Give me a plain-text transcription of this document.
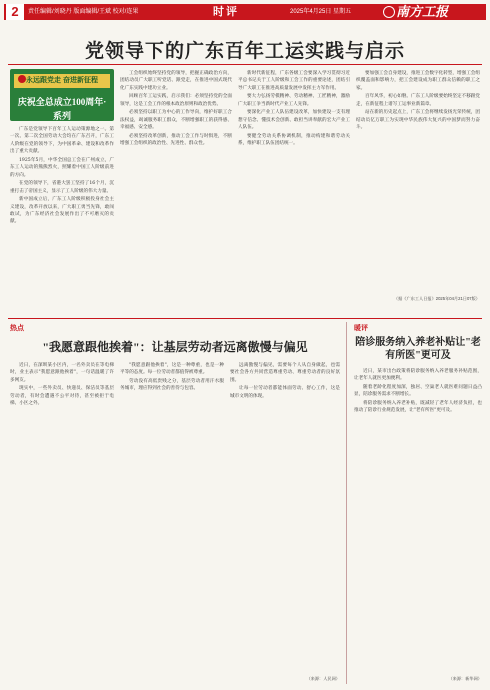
2	责任编辑/刘晓丹 版面编辑/王斌 校对/连果	时评	2025年4月25日 星期五	南方工报
党领导下的广东百年工运实践与启示
永远跟党走 奋进新征程
庆祝全总成立100周年·系列

广东是党领导下百年工人运动策源地之一。第一次、第二次全国劳动大会均在广东召开，广东工人阶级在党的领导下，为中国革命、建设和改革作出了重大贡献。

1925年5月，中华全国总工会在广州成立，广东工人运动的熊熊烈火，照耀着中国工人阶级前进的方向。

在党的领导下，省港大罢工坚持了16个月，沉重打击了帝国主义，显示了工人阶级的伟大力量。

新中国成立后，广东工人阶级积极投身社会主义建设，改革开放以来，广大职工勇当先锋，敢闯敢试，为广东经济社会发展作出了不可磨灭的贡献。

工会组织始终坚持党的领导，把握正确政治方向，团结动员广大职工听党话、跟党走，在推进中国式现代化广东实践中建功立业。

回顾百年工运实践，启示我们：必须坚持党的全面领导，这是工会工作的根本政治原则和政治优势。

必须坚持以职工为中心的工作导向，维护好职工合法权益，竭诚服务职工群众，不断增强职工的获得感、幸福感、安全感。

必须坚持改革创新，推动工会工作与时俱进，不断增强工会组织的政治性、先进性、群众性。

新时代新征程，广东各级工会要深入学习贯彻习近平总书记关于工人阶级和工会工作的重要论述，团结引导广大职工在推进高质量发展中发挥主力军作用。

要大力弘扬劳模精神、劳动精神、工匠精神，激励广大职工争当新时代产业工人先锋。

要深化产业工人队伍建设改革，加快建设一支有理想守信念、懂技术会创新、敢担当讲奉献的宏大产业工人队伍。

要健全劳动关系协调机制，推动构建和谐劳动关系，维护职工队伍团结统一。

要加强工会自身建设，推进工会数字化转型，增强工会组织覆盖面和影响力，把工会建设成为职工群众信赖的职工之家。

百年风华，初心如磐。广东工人阶级要始终坚定不移跟党走，在新征程上谱写工运事业新篇章。

站在新的历史起点上，广东工会将继续发扬光荣传统，团结动员亿万职工为实现中华民族伟大复兴的中国梦而努力奋斗。

（据《广东工人日报》2025年04月21日07版）
热点
"我愿意跟他挨着"：让基层劳动者远离傲慢与偏见

近日，在深圳某小区内，一名外卖员在等电梯时，业主表示"我愿意跟他挨着"，一句话温暖了许多网友。

现实中，一些外卖员、快递员、保洁员等基层劳动者，有时会遭遇不公平对待，甚至被拒于电梯、小区之外。

"我愿意跟他挨着"，这是一种尊重，也是一种平等的态度。每一位劳动者都值得被尊重。

劳动没有高低贵贱之分，基层劳动者用汗水服务城市，理应得到社会的善待与包容。

远离傲慢与偏见，需要每个人从自身做起，也需要社会各方共同营造尊重劳动、尊重劳动者的良好氛围。

让每一位劳动者都能体面劳动、舒心工作，这是城市文明的体现。

（来源：人民网）
暖评
陪诊服务纳入养老补贴让"老有所医"更可及

近日，某市出台政策将陪诊服务纳入养老服务补贴范围，让老年人就医更加便利。

随着老龄化程度加深，独居、空巢老人就医难问题日益凸显，陪诊服务需求不断增长。

将陪诊服务纳入养老补贴，既减轻了老年人经济负担，也推动了陪诊行业规范发展，让"老有所医"更可及。

（来源：新华网）
